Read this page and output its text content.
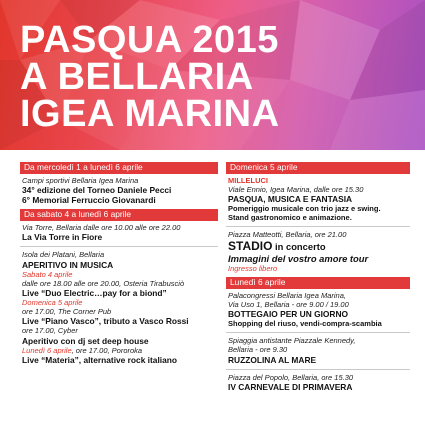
PASQUA 2015
A BELLARIA
IGEA MARINA
Da mercoledì 1 a lunedì 6 aprile
Campi sportivi Bellaria Igea Marina
34° edizione del Torneo Daniele Pecci
6° Memorial Ferruccio Giovanardi
Da sabato 4 a lunedì 6 aprile
Via Torre, Bellaria dalle ore 10.00 alle ore 22.00
La Via Torre in Fiore
Isola dei Platani, Bellaria
APERITIVO IN MUSICA
Sabato 4 aprile
dalle ore 18.00 alle ore 20.00, Osteria Tirabusciò
Live “Duo Electric…pay for a biond”
Domenica 5 aprile
ore 17.00, The Corner Pub
Live “Piano Vasco”, tributo a Vasco Rossi
ore 17.00, Cyber
Aperitivo con dj set deep house
Lunedì 6 aprile, ore 17.00, Pororoka
Live “Materia”, alternative rock italiano
Domenica 5 aprile
MILLELUCI
Viale Ennio, Igea Marina, dalle ore 15.30
PASQUA, MUSICA E FANTASIA
Pomeriggio musicale con trio jazz e swing.
Stand gastronomico e animazione.
Piazza Matteotti, Bellaria, ore 21.00
STADIO in concerto
Immagini del vostro amore tour
Ingresso libero
Lunedì 6 aprile
Palacongressi Bellaria Igea Marina,
Via Uso 1, Bellaria - ore 9.00 / 19.00
BOTTEGAIO PER UN GIORNO
Shopping del riuso, vendi-compra-scambia
Spiaggia antistante Piazzale Kennedy,
Bellaria - ore 9.30
RUZZOLINA AL MARE
Piazza del Popolo, Bellaria, ore 15.30
IV CARNEVALE DI PRIMAVERA
